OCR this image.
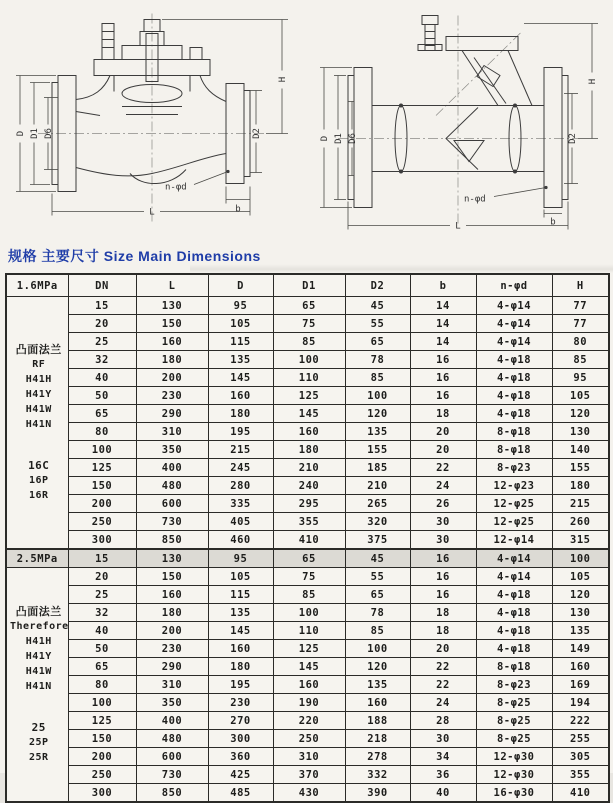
D D1 D6	D2
H
L	b
n-φd
D D1 D6	D2
H
L	b
n-φd
规格 主要尺寸 Size Main Dimensions
1.6MPa	DN	L	D	D1	D2	b	n-φd	H

凸面法兰
RF
H41H
H41Y
H41W
H41N
16C
16P
16R
	15	130	95	65	45	14	4-φ14	77
	20	150	105	75	55	14	4-φ14	77
	25	160	115	85	65	14	4-φ14	80
	32	180	135	100	78	16	4-φ18	85
	40	200	145	110	85	16	4-φ18	95
	50	230	160	125	100	16	4-φ18	105
	65	290	180	145	120	18	4-φ18	120
	80	310	195	160	135	20	8-φ18	130
	100	350	215	180	155	20	8-φ18	140
	125	400	245	210	185	22	8-φ23	155
	150	480	280	240	210	24	12-φ23	180
	200	600	335	295	265	26	12-φ25	215
	250	730	405	355	320	30	12-φ25	260
	300	850	460	410	375	30	12-φ14	315
2.5MPa	15	130	95	65	45	16	4-φ14	100

凸面法兰
Therefore
H41H
H41Y
H41W
H41N
25
25P
25R
	20	150	105	75	55	16	4-φ14	105
	25	160	115	85	65	16	4-φ18	120
	32	180	135	100	78	18	4-φ18	130
	40	200	145	110	85	18	4-φ18	135
	50	230	160	125	100	20	4-φ18	149
	65	290	180	145	120	22	8-φ18	160
	80	310	195	160	135	22	8-φ23	169
	100	350	230	190	160	24	8-φ25	194
	125	400	270	220	188	28	8-φ25	222
	150	480	300	250	218	30	8-φ25	255
	200	600	360	310	278	34	12-φ30	305
	250	730	425	370	332	36	12-φ30	355
	300	850	485	430	390	40	16-φ30	410
